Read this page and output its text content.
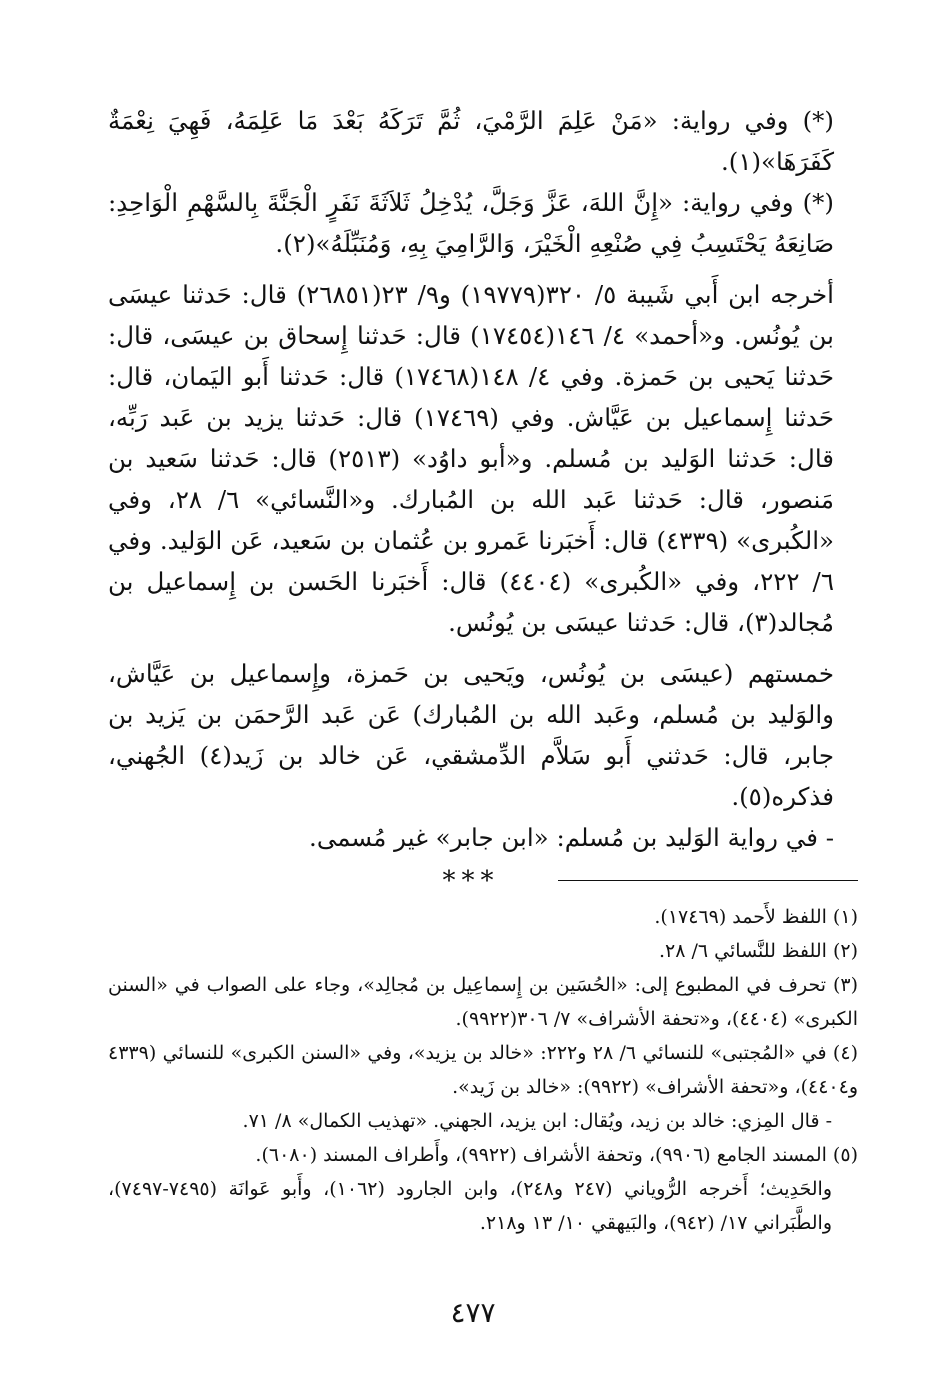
(*) وفي رواية: «مَنْ عَلِمَ الرَّمْيَ، ثُمَّ تَرَكَهُ بَعْدَ مَا عَلِمَهُ، فَهِيَ نِعْمَةٌ كَفَرَهَا»(١).

(*) وفي رواية: «إِنَّ اللهَ، عَزَّ وَجَلَّ، يُدْخِلُ ثَلاَثَةَ نَفَرٍ الْجَنَّةَ بِالسَّهْمِ الْوَاحِدِ: صَانِعَهُ يَحْتَسِبُ فِي صُنْعِهِ الْخَيْرَ، وَالرَّامِيَ بِهِ، وَمُنَبِّلَهُ»(٢).

أخرجه ابن أَبي شَيبة ٥/ ٣٢٠(١٩٧٧٩) و٩/ ٢٣(٢٦٨٥١) قال: حَدثنا عيسَى بن يُونُس. و«أحمد» ٤/ ١٤٦(١٧٤٥٤) قال: حَدثنا إِسحاق بن عيسَى، قال: حَدثنا يَحيى بن حَمزة. وفي ٤/ ١٤٨(١٧٤٦٨) قال: حَدثنا أَبو اليَمان، قال: حَدثنا إِسماعيل بن عَيَّاش. وفي (١٧٤٦٩) قال: حَدثنا يزيد بن عَبد رَبِّه، قال: حَدثنا الوَليد بن مُسلم. و«أبو داوُد» (٢٥١٣) قال: حَدثنا سَعيد بن مَنصور، قال: حَدثنا عَبد الله بن المُبارك. و«النَّسائي» ٦/ ٢٨، وفي «الكُبرى» (٤٣٣٩) قال: أَخبَرنا عَمرو بن عُثمان بن سَعيد، عَن الوَليد. وفي ٦/ ٢٢٢، وفي «الكُبرى» (٤٤٠٤) قال: أَخبَرنا الحَسن بن إِسماعيل بن مُجالد(٣)، قال: حَدثنا عيسَى بن يُونُس.

خمستهم (عيسَى بن يُونُس، ويَحيى بن حَمزة، وإِسماعيل بن عَيَّاش، والوَليد بن مُسلم، وعَبد الله بن المُبارك) عَن عَبد الرَّحمَن بن يَزيد بن جابر، قال: حَدثني أَبو سَلاَّم الدِّمشقي، عَن خالد بن زَيد(٤) الجُهني، فذكره(٥).

- في رواية الوَليد بن مُسلم: «ابن جابر» غير مُسمى.

***

(١) اللفظ لأَحمد (١٧٤٦٩).

(٢) اللفظ للنَّسائي ٦/ ٢٨.

(٣) تحرف في المطبوع إلى: «الحُسَين بن إِسماعِيل بن مُجالِد»، وجاء على الصواب في «السنن الكبرى» (٤٤٠٤)، و«تحفة الأشراف» ٧/ ٣٠٦(٩٩٢٢).

(٤) في «المُجتبى» للنسائي ٦/ ٢٨ و٢٢٢: «خالد بن يزيد»، وفي «السنن الكبرى» للنسائي (٤٣٣٩ و٤٤٠٤)، و«تحفة الأشراف» (٩٩٢٢): «خالد بن زَيد».

- قال المِزي: خالد بن زيد، ويُقال: ابن يزيد، الجهني. «تهذيب الكمال» ٨/ ٧١.

(٥) المسند الجامع (٩٩٠٦)، وتحفة الأشراف (٩٩٢٢)، وأَطراف المسند (٦٠٨٠).

والحَدِيث؛ أَخرجه الرُّوياني (٢٤٧ و٢٤٨)، وابن الجارود (١٠٦٢)، وأَبو عَوانَة (٧٤٩٥-٧٤٩٧)، والطَّبَراني ١٧/ (٩٤٢)، والبَيهقي ١٠/ ١٣ و٢١٨.

٤٧٧
